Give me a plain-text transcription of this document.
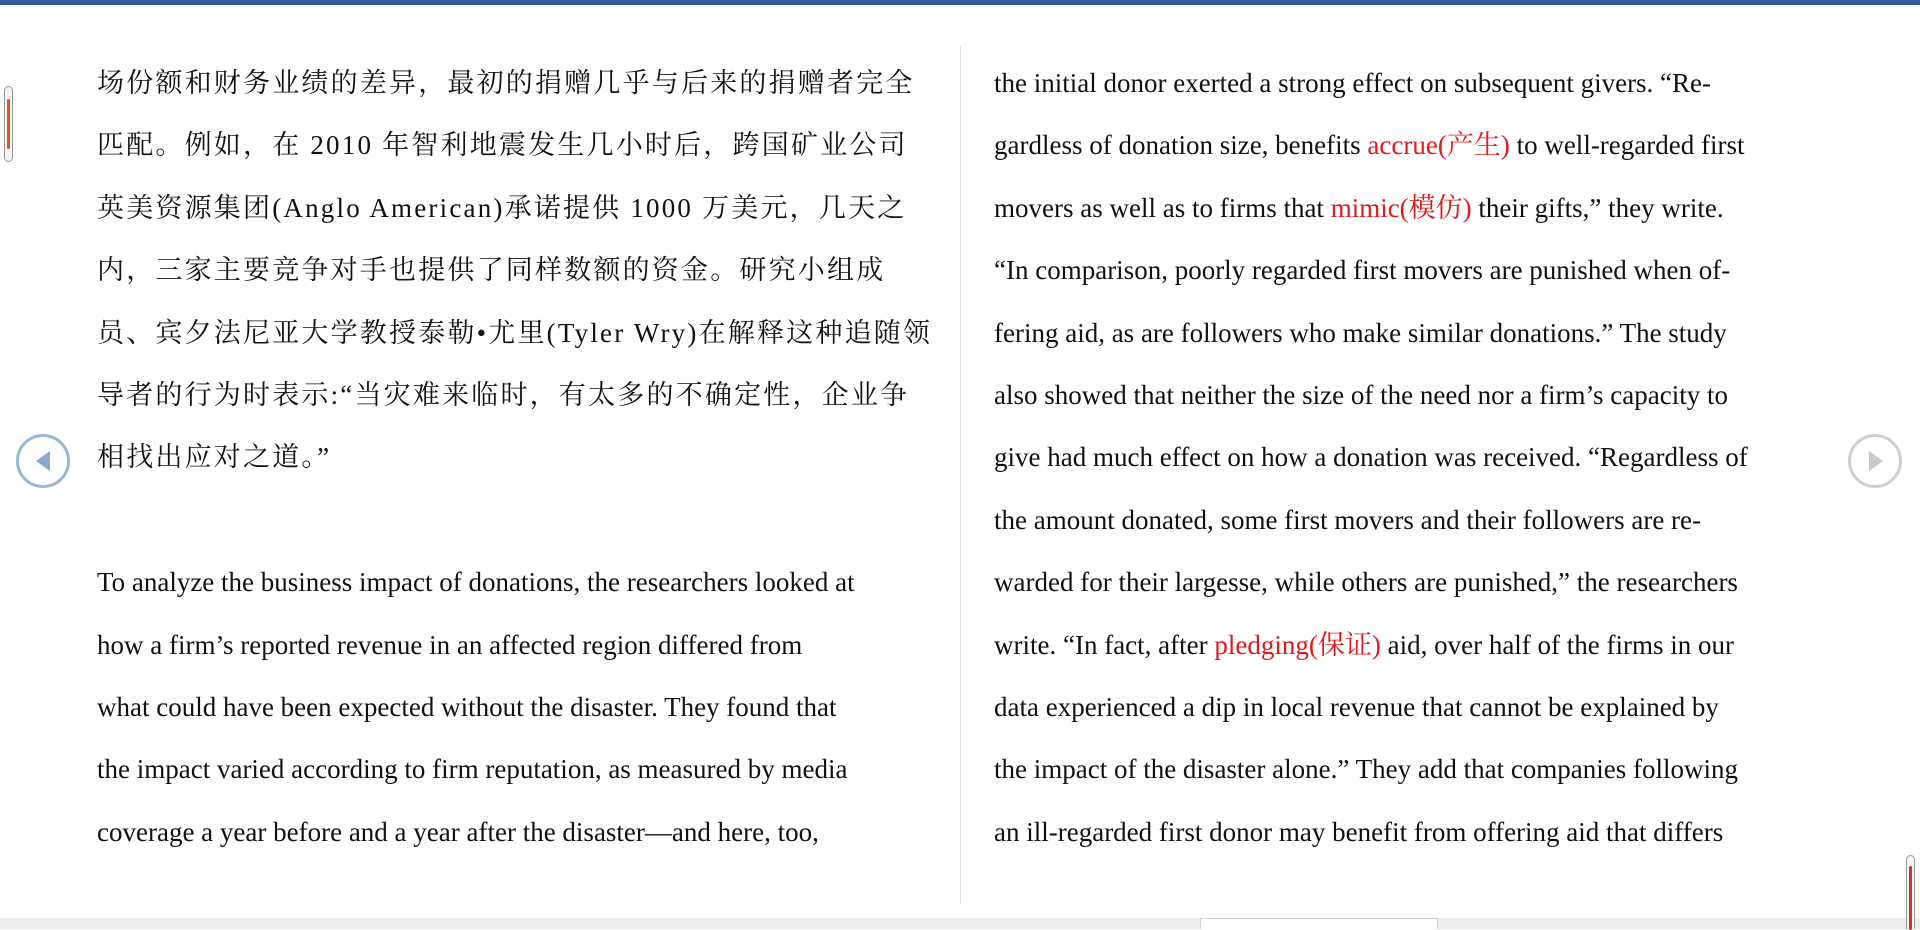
场份额和财务业绩的差异，最初的捐赠几乎与后来的捐赠者完全

匹配。例如，在 2010 年智利地震发生几小时后，跨国矿业公司

英美资源集团(Anglo American)承诺提供 1000 万美元，几天之

内，三家主要竞争对手也提供了同样数额的资金。研究小组成

员、宾夕法尼亚大学教授泰勒•尤里(Tyler Wry)在解释这种追随领

导者的行为时表示:“当灾难来临时，有太多的不确定性，企业争

相找出应对之道。”

To analyze the business impact of donations, the researchers looked at

how a firm’s reported revenue in an affected region differed from

what could have been expected without the disaster. They found that

the impact varied according to firm reputation, as measured by media

coverage a year before and a year after the disaster—and here, too,

the initial donor exerted a strong effect on subsequent givers. “Re-

gardless of donation size, benefits accrue(产生) to well-regarded first

movers as well as to firms that mimic(模仿) their gifts,” they write.

“In comparison, poorly regarded first movers are punished when of-

fering aid, as are followers who make similar donations.” The study

also showed that neither the size of the need nor a firm’s capacity to

give had much effect on how a donation was received. “Regardless of

the amount donated, some first movers and their followers are re-

warded for their largesse, while others are punished,” the researchers

write. “In fact, after pledging(保证) aid, over half of the firms in our

data experienced a dip in local revenue that cannot be explained by

the impact of the disaster alone.” They add that companies following

an ill-regarded first donor may benefit from offering aid that differs
